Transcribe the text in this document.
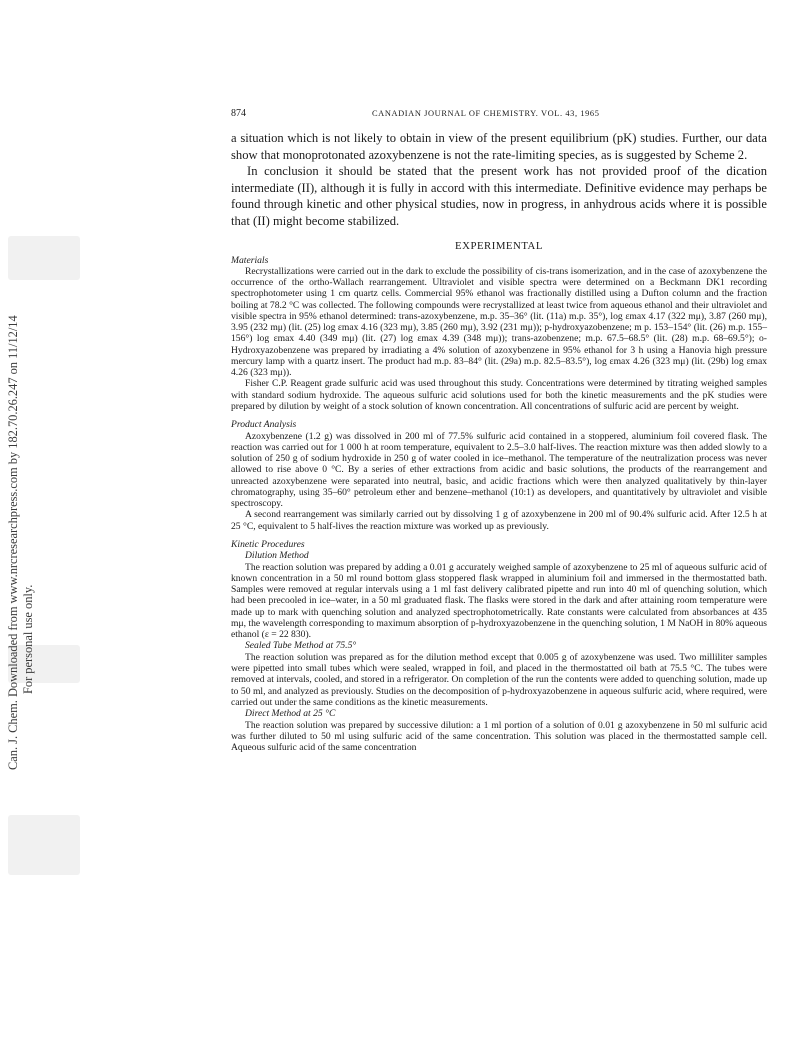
Can. J. Chem. Downloaded from www.nrcresearchpress.com by 182.70.26.247 on 11/12/14 For personal use only.
874	CANADIAN JOURNAL OF CHEMISTRY. VOL. 43, 1965

a situation which is not likely to obtain in view of the present equilibrium (pK) studies. Further, our data show that monoprotonated azoxybenzene is not the rate-limiting species, as is suggested by Scheme 2.

In conclusion it should be stated that the present work has not provided proof of the dication intermediate (II), although it is fully in accord with this intermediate. Definitive evidence may perhaps be found through kinetic and other physical studies, now in progress, in anhydrous acids where it is possible that (II) might become stabilized.

EXPERIMENTAL
Materials

Recrystallizations were carried out in the dark to exclude the possibility of cis-trans isomerization, and in the case of azoxybenzene the occurrence of the ortho-Wallach rearrangement. Ultraviolet and visible spectra were determined on a Beckmann DK1 recording spectrophotometer using 1 cm quartz cells. Commercial 95% ethanol was fractionally distilled using a Dufton column and the fraction boiling at 78.2 °C was collected. The following compounds were recrystallized at least twice from aqueous ethanol and their ultraviolet and visible spectra in 95% ethanol determined: trans-azoxybenzene, m.p. 35–36° (lit. (11a) m.p. 35°), log εmax 4.17 (322 mμ), 3.87 (260 mμ), 3.95 (232 mμ) (lit. (25) log εmax 4.16 (323 mμ), 3.85 (260 mμ), 3.92 (231 mμ)); p-hydroxyazobenzene; m p. 153–154° (lit. (26) m.p. 155–156°) log εmax 4.40 (349 mμ) (lit. (27) log εmax 4.39 (348 mμ)); trans-azobenzene; m.p. 67.5–68.5° (lit. (28) m.p. 68–69.5°); o-Hydroxyazobenzene was prepared by irradiating a 4% solution of azoxybenzene in 95% ethanol for 3 h using a Hanovia high pressure mercury lamp with a quartz insert. The product had m.p. 83–84° (lit. (29a) m.p. 82.5–83.5°), log εmax 4.26 (323 mμ) (lit. (29b) log εmax 4.26 (323 mμ)).

Fisher C.P. Reagent grade sulfuric acid was used throughout this study. Concentrations were determined by titrating weighed samples with standard sodium hydroxide. The aqueous sulfuric acid solutions used for both the kinetic measurements and the pK studies were prepared by dilution by weight of a stock solution of known concentration. All concentrations of sulfuric acid are percent by weight.

Product Analysis

Azoxybenzene (1.2 g) was dissolved in 200 ml of 77.5% sulfuric acid contained in a stoppered, aluminium foil covered flask. The reaction was carried out for 1 000 h at room temperature, equivalent to 2.5–3.0 half-lives. The reaction mixture was then added slowly to a solution of 250 g of sodium hydroxide in 250 g of water cooled in ice–methanol. The temperature of the neutralization process was never allowed to rise above 0 °C. By a series of ether extractions from acidic and basic solutions, the products of the rearrangement and unreacted azoxybenzene were separated into neutral, basic, and acidic fractions which were then analyzed qualitatively by thin-layer chromatography, using 35–60° petroleum ether and benzene–methanol (10:1) as developers, and quantitatively by ultraviolet and visible spectroscopy.

A second rearrangement was similarly carried out by dissolving 1 g of azoxybenzene in 200 ml of 90.4% sulfuric acid. After 12.5 h at 25 °C, equivalent to 5 half-lives the reaction mixture was worked up as previously.

Kinetic Procedures
Dilution Method

The reaction solution was prepared by adding a 0.01 g accurately weighed sample of azoxybenzene to 25 ml of aqueous sulfuric acid of known concentration in a 50 ml round bottom glass stoppered flask wrapped in aluminium foil and immersed in the thermostatted bath. Samples were removed at regular intervals using a 1 ml fast delivery calibrated pipette and run into 40 ml of quenching solution, which had been precooled in ice–water, in a 50 ml graduated flask. The flasks were stored in the dark and after attaining room temperature were made up to mark with quenching solution and analyzed spectrophotometrically. Rate constants were calculated from absorbances at 435 mμ, the wavelength corresponding to maximum absorption of p-hydroxyazobenzene in the quenching solution, 1 M NaOH in 80% aqueous ethanol (ε = 22 830).

Sealed Tube Method at 75.5°

The reaction solution was prepared as for the dilution method except that 0.005 g of azoxybenzene was used. Two milliliter samples were pipetted into small tubes which were sealed, wrapped in foil, and placed in the thermostatted oil bath at 75.5 °C. The tubes were removed at intervals, cooled, and stored in a refrigerator. On completion of the run the contents were added to quenching solution, made up to 50 ml, and analyzed as previously. Studies on the decomposition of p-hydroxyazobenzene in aqueous sulfuric acid, where required, were carried out under the same conditions as the kinetic measurements.

Direct Method at 25 °C

The reaction solution was prepared by successive dilution: a 1 ml portion of a solution of 0.01 g azoxybenzene in 50 ml sulfuric acid was further diluted to 50 ml using sulfuric acid of the same concentration. This solution was placed in the thermostatted sample cell. Aqueous sulfuric acid of the same concentration
